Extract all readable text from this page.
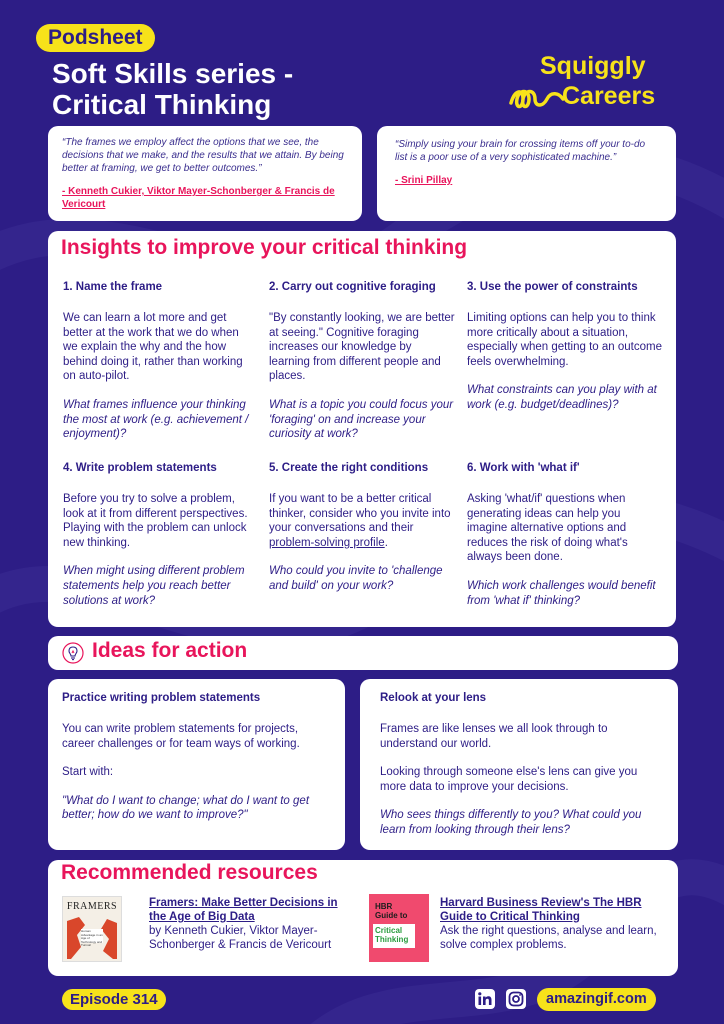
Podsheet
Soft Skills series -
Critical Thinking
Squiggly
Careers

“The frames we employ affect the options that we see, the decisions that we make, and the results that we attain. By being better at framing, we get to better outcomes.”

- Kenneth Cukier, Viktor Mayer-Schonberger & Francis de Vericourt

“Simply using your brain for crossing items off your to-do list is a poor use of a very sophisticated machine.”

- Srini Pillay

Insights to improve your critical thinking
1. Name the frame

We can learn a lot more and get better at the work that we do when we explain the why and the how behind doing it, rather than working on auto-pilot.

What frames influence your thinking the most at work (e.g. achievement / enjoyment)?

2. Carry out cognitive foraging

"By constantly looking, we are better at seeing." Cognitive foraging increases our knowledge by learning from different people and places.

What is a topic you could focus your 'foraging' on and increase your curiosity at work?

3. Use the power of constraints

Limiting options can help you to think more critically about a situation, especially when getting to an outcome feels overwhelming.

What constraints can you play with at work (e.g. budget/deadlines)?

4. Write problem statements

Before you try to solve a problem, look at it from different perspectives. Playing with the problem can unlock new thinking.

When might using different problem statements help you reach better solutions at work?

5. Create the right conditions

If you want to be a better critical thinker, consider who you invite into your conversations and their problem-solving profile.

Who could you invite to 'challenge and build' on your work?

6. Work with 'what if'

Asking 'what/if' questions when generating ideas can help you imagine alternative options and reduces the risk of doing what's always been done.

Which work challenges would benefit from 'what if' thinking?

Ideas for action
Practice writing problem statements

You can write problem statements for projects, career challenges or for team ways of working.

Start with:

"What do I want to change; what do I want to get better; how do we want to improve?"

Relook at your lens

Frames are like lenses we all look through to understand our world.

Looking through someone else's lens can give you more data to improve your decisions.

Who sees things differently to you? What could you learn from looking through their lens?

Recommended resources
FRAMERS
Human Advantage in an Age of Technology and Turmoil
Framers: Make Better Decisions in the Age of Big Data
by Kenneth Cukier, Viktor Mayer-Schonberger & Francis de Vericourt
HBR
Guide to
Critical
Thinking
Harvard Business Review's The HBR Guide to Critical Thinking
Ask the right questions, analyse and learn, solve complex problems.
Episode 314	amazingif.com
